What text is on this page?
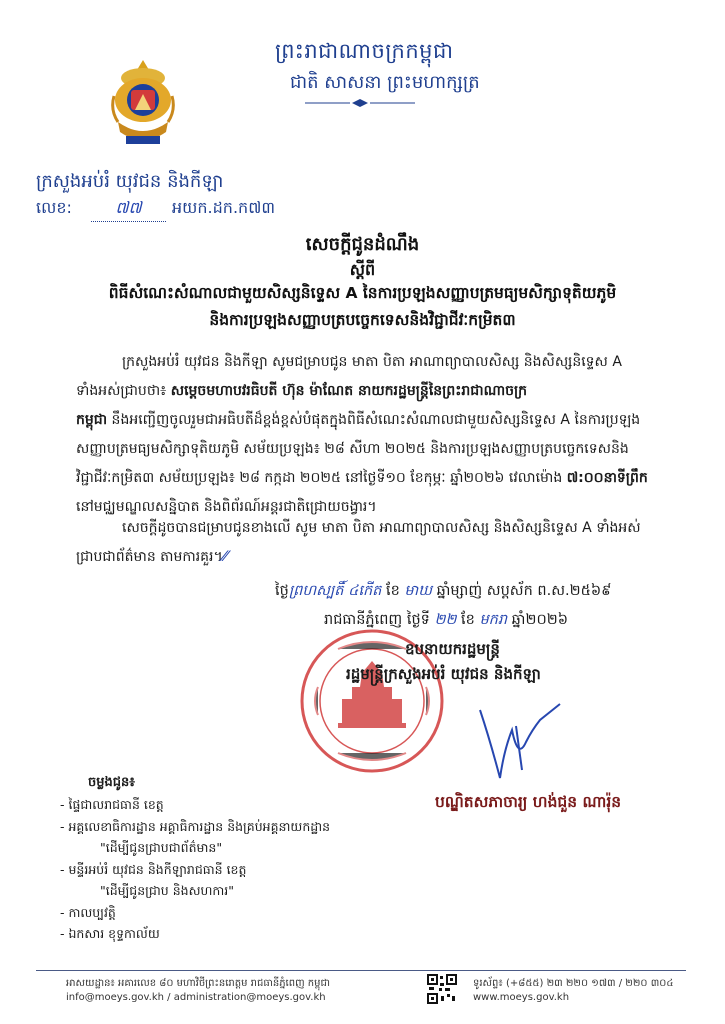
ព្រះរាជាណាចក្រកម្ពុជា
ជាតិ សាសនា ព្រះមហាក្សត្រ
ក្រសួងអប់រំ យុវជន និងកីឡា
លេខ:	៧៧ អយក.ដក.ក៧៣
សេចក្ដីជូនដំណឹង
ស្ដីពី
ពិធីសំណេះសំណាលជាមួយសិស្សនិទ្ទេស A នៃការប្រឡងសញ្ញាបត្រមធ្យមសិក្សាទុតិយភូមិ
និងការប្រឡងសញ្ញាបត្របច្ចេកទេសនិងវិជ្ជាជីវៈកម្រិត៣
ក្រសួងអប់រំ យុវជន និងកីឡា សូមជម្រាបជូន មាតា បិតា អាណាព្យាបាលសិស្ស និងសិស្សនិទ្ទេស A
ទាំងអស់ជ្រាបថា៖ សម្ដេចមហាបវរធិបតី ហ៊ុន ម៉ាណែត នាយករដ្ឋមន្ត្រីនៃព្រះរាជាណាចក្រ
កម្ពុជា នឹងអញ្ជើញចូលរួមជាអធិបតីដ៏ខ្ពង់ខ្ពស់បំផុតក្នុងពិធីសំណេះសំណាលជាមួយសិស្សនិទ្ទេស A នៃការប្រឡង
សញ្ញាបត្រមធ្យមសិក្សាទុតិយភូមិ សម័យប្រឡង៖ ២៨ សីហា ២០២៥ និងការប្រឡងសញ្ញាបត្របច្ចេកទេសនិង
វិជ្ជាជីវៈកម្រិត៣ សម័យប្រឡង៖ ២៨ កក្កដា ២០២៥ នៅថ្ងៃទី១០ ខែកុម្ភៈ ឆ្នាំ២០២៦ វេលាម៉ោង ៧:០០នាទីព្រឹក
នៅមជ្ឈមណ្ឌលសន្និបាត និងពិព័រណ៍អន្តរជាតិជ្រោយចង្វារ។
សេចក្ដីដូចបានជម្រាបជូនខាងលើ សូម មាតា បិតា អាណាព្យាបាលសិស្ស និងសិស្សនិទ្ទេស A ទាំងអស់
ជ្រាបជាព័ត៌មាន តាមការគួរ។⁄⁄
ថ្ងៃព្រហស្បតិ៍ ៤កើត ខែ មាឃ ឆ្នាំម្សាញ់ សប្តស័ក ព.ស.២៥៦៩
រាជធានីភ្នំពេញ ថ្ងៃទី ២២ ខែ មករា ឆ្នាំ២០២៦
ឧបនាយករដ្ឋមន្ត្រី
រដ្ឋមន្ត្រីក្រសួងអប់រំ យុវជន និងកីឡា
បណ្ឌិតសភាចារ្យ ហង់ជួន ណារ៉ុន
ចម្លងជូន៖
- ផ្ទៃជាលរាជធានី ខេត្ត
- អគ្គលេខាធិការដ្ឋាន អគ្គាធិការដ្ឋាន និងគ្រប់អគ្គនាយកដ្ឋាន
"ដើម្បីជូនជ្រាបជាព័ត៌មាន"
- មន្ទីរអប់រំ យុវជន និងកីឡារាជធានី ខេត្ត
"ដើម្បីជូនជ្រាប និងសហការ"
- កាលប្បវត្តិ
- ឯកសារ ខុទ្ទកាល័យ
អាសយដ្ឋាន៖ អគារលេខ ៨០ មហាវិថីព្រះនរោត្តម រាជធានីភ្នំពេញ កម្ពុជា
info@moeys.gov.kh / administration@moeys.gov.kh
ទូរស័ព្ទ៖ (+៨៥៥) ២៣ ២២០ ១៧៣ / ២២០ ៣០៤
www.moeys.gov.kh
